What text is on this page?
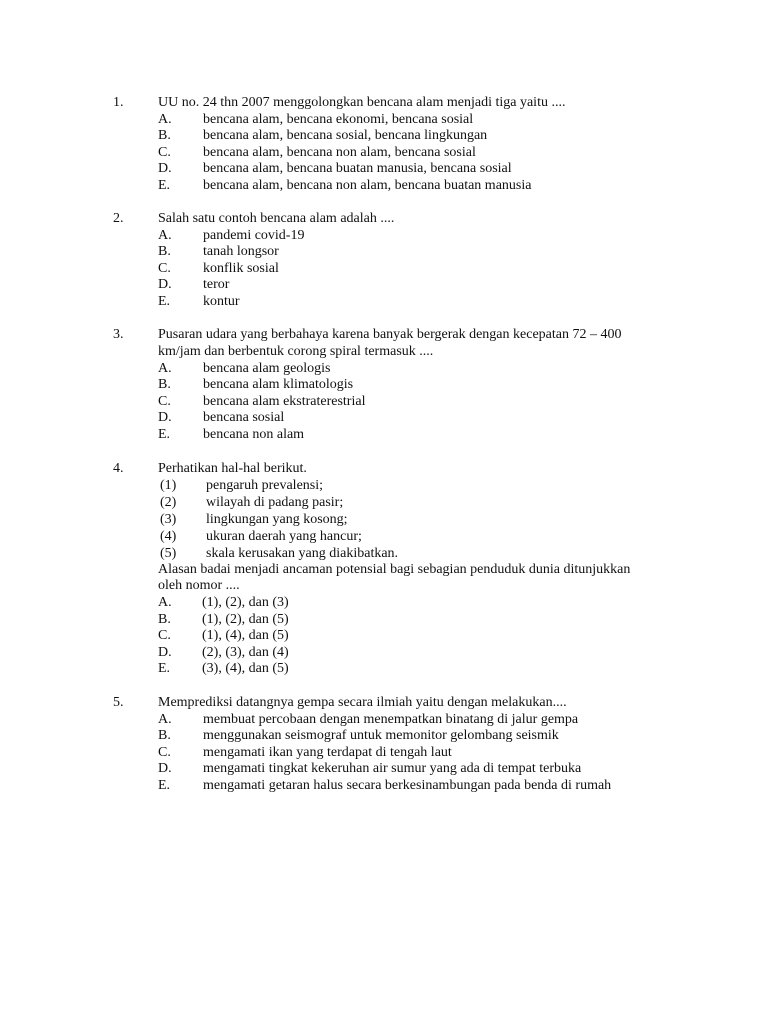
1. UU no. 24 thn 2007 menggolongkan bencana alam menjadi tiga yaitu ....
A. bencana alam, bencana ekonomi, bencana sosial
B. bencana alam, bencana sosial, bencana lingkungan
C. bencana alam, bencana non alam, bencana sosial
D. bencana alam, bencana buatan manusia, bencana sosial
E. bencana alam, bencana non alam, bencana buatan manusia
2. Salah satu contoh bencana alam adalah ....
A. pandemi covid-19
B. tanah longsor
C. konflik sosial
D. teror
E. kontur
3. Pusaran udara yang berbahaya karena banyak bergerak dengan kecepatan 72 – 400
km/jam dan berbentuk corong spiral termasuk ....
A. bencana alam geologis
B. bencana alam klimatologis
C. bencana alam ekstraterestrial
D. bencana sosial
E. bencana non alam
4. Perhatikan hal-hal berikut.
(1) pengaruh prevalensi;
(2) wilayah di padang pasir;
(3) lingkungan yang kosong;
(4) ukuran daerah yang hancur;
(5) skala kerusakan yang diakibatkan.
Alasan badai menjadi ancaman potensial bagi sebagian penduduk dunia ditunjukkan
oleh nomor ....
A. (1), (2), dan (3)
B. (1), (2), dan (5)
C. (1), (4), dan (5)
D. (2), (3), dan (4)
E. (3), (4), dan (5)
5. Memprediksi datangnya gempa secara ilmiah yaitu dengan melakukan....
A. membuat percobaan dengan menempatkan binatang di jalur gempa
B. menggunakan seismograf untuk memonitor gelombang seismik
C. mengamati ikan yang terdapat di tengah laut
D. mengamati tingkat kekeruhan air sumur yang ada di tempat terbuka
E. mengamati getaran halus secara berkesinambungan pada benda di rumah
